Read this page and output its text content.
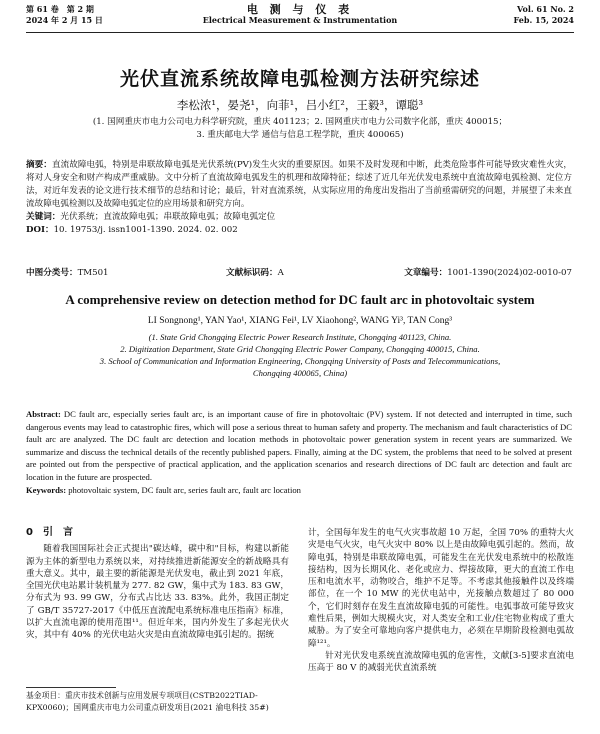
第 61 卷　第 2 期
2024 年 2 月 15 日
电 测 与 仪 表
Electrical Measurement & Instrumentation
Vol. 61 No. 2
Feb. 15, 2024
光伏直流系统故障电弧检测方法研究综述
李松浓¹，晏尧¹，向菲¹，吕小红²，王毅³，谭聪³
(1. 国网重庆市电力公司电力科学研究院，重庆 401123；2. 国网重庆市电力公司数字化部，重庆 400015；
3. 重庆邮电大学 通信与信息工程学院，重庆 400065)
摘要：直流故障电弧，特别是串联故障电弧是光伏系统(PV)发生火灾的重要原因。如果不及时发现和中断，此类危险事件可能导致灾难性火灾，将对人身安全和财产构成严重威胁。文中分析了直流故障电弧发生的机理和故障特征；综述了近几年光伏发电系统中直流故障电弧检测、定位方法，对近年发表的论文进行技术细节的总结和讨论；最后，针对直流系统，从实际应用的角度出发指出了当前亟需研究的问题，并展望了未来直流故障电弧检测以及故障电弧定位的应用场景和研究方向。
关键词：光伏系统；直流故障电弧；串联故障电弧；故障电弧定位
DOI：10. 19753/j. issn1001-1390. 2024. 02. 002
中图分类号：TM501	文献标识码：A	文章编号：1001-1390(2024)02-0010-07
A comprehensive review on detection method for DC fault arc in photovoltaic system
LI Songnong¹, YAN Yao¹, XIANG Fei¹, LV Xiaohong², WANG Yi³, TAN Cong³
(1. State Grid Chongqing Electric Power Research Institute, Chongqing 401123, China.
2. Digitization Department, State Grid Chongqing Electric Power Company, Chongqing 400015, China.
3. School of Communication and Information Engineering, Chongqing University of Posts and Telecommunications,
Chongqing 400065, China)
Abstract: DC fault arc, especially series fault arc, is an important cause of fire in photovoltaic (PV) system. If not detected and interrupted in time, such dangerous events may lead to catastrophic fires, which will pose a serious threat to human safety and property. The mechanism and fault characteristics of DC fault arc are analyzed. The DC fault arc detection and location methods in photovoltaic power generation system in recent years are summarized. We summarize and discuss the technical details of the recently published papers. Finally, aiming at the DC system, the problems that need to be solved at present are pointed out from the perspective of practical application, and the application scenarios and research directions of DC fault arc detection and fault arc location in the future are prospected.
Keywords: photovoltaic system, DC fault arc, series fault arc, fault arc location
0　引　言

随着我国国际社会正式提出"碳达峰，碳中和"目标，构建以新能源为主体的新型电力系统以来，对持续推进新能源安全的新战略具有重大意义。其中，最主要的新能源是光伏发电，截止到 2021 年底，全国光伏电站累计装机量为 277. 82 GW，集中式为 183. 83 GW，分布式为 93. 99 GW，分布式占比达 33. 83%。此外，我国正制定了 GB/T 35727-2017《中低压直流配电系统标准电压指南》标准，以扩大直流电源的使用范围¹¹。但近年来，国内外发生了多起光伏火灾，其中有 40% 的光伏电站火灾是由直流故障电弧引起的。据统

计，全国每年发生的电气火灾事故超 10 万起，全国 70% 的重特大火灾是电气火灾，电气火灾中 80% 以上是由故障电弧引起的。然而，故障电弧，特别是串联故障电弧，可能发生在光伏发电系统中的松散连接结构，因为长期风化、老化或应力、焊接故障，更大的直流工作电压和电流水平，动物咬合，维护不足等。不考虑其他接触件以及终端部位，在一个 10 MW 的光伏电站中，光接触点数超过了 80 000 个，它们时刻存在发生直流故障电弧的可能性。电弧事故可能导致灾难性后果，例如大规模火灾，对人类安全和工业/住宅物业构成了重大威胁。为了安全可靠地向客户提供电力，必须在早期阶段检测电弧故障¹²¹。

针对光伏发电系统直流故障电弧的危害性，文献[3-5]要求直流电压高于 80 V 的减弱光伏直流系统

基金项目：重庆市技术创新与应用发展专项项目(CSTB2022TIAD-KPX0060)；国网重庆市电力公司重点研发项目(2021 渝电科技 35#)
